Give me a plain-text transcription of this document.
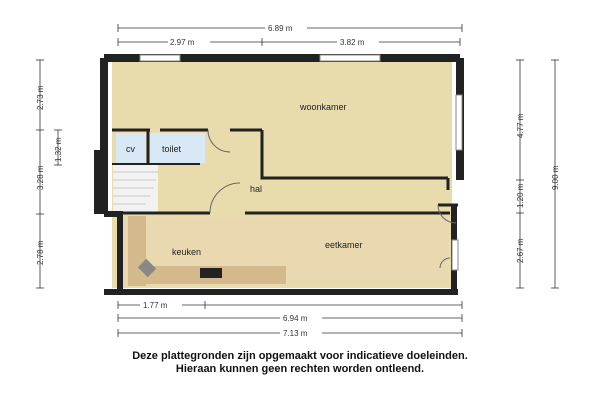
woonkamer
cv	toilet
hal
keuken
eetkamer
6.89 m
2.97 m	3.82 m
1.77 m
6.94 m
7.13 m
2.73 m
3.28 m
1.32 m
2.78 m
4.77 m
1.20 m
2.67 m
9.00 m
Deze plattegronden zijn opgemaakt voor indicatieve doeleinden.
Hieraan kunnen geen rechten worden ontleend.
